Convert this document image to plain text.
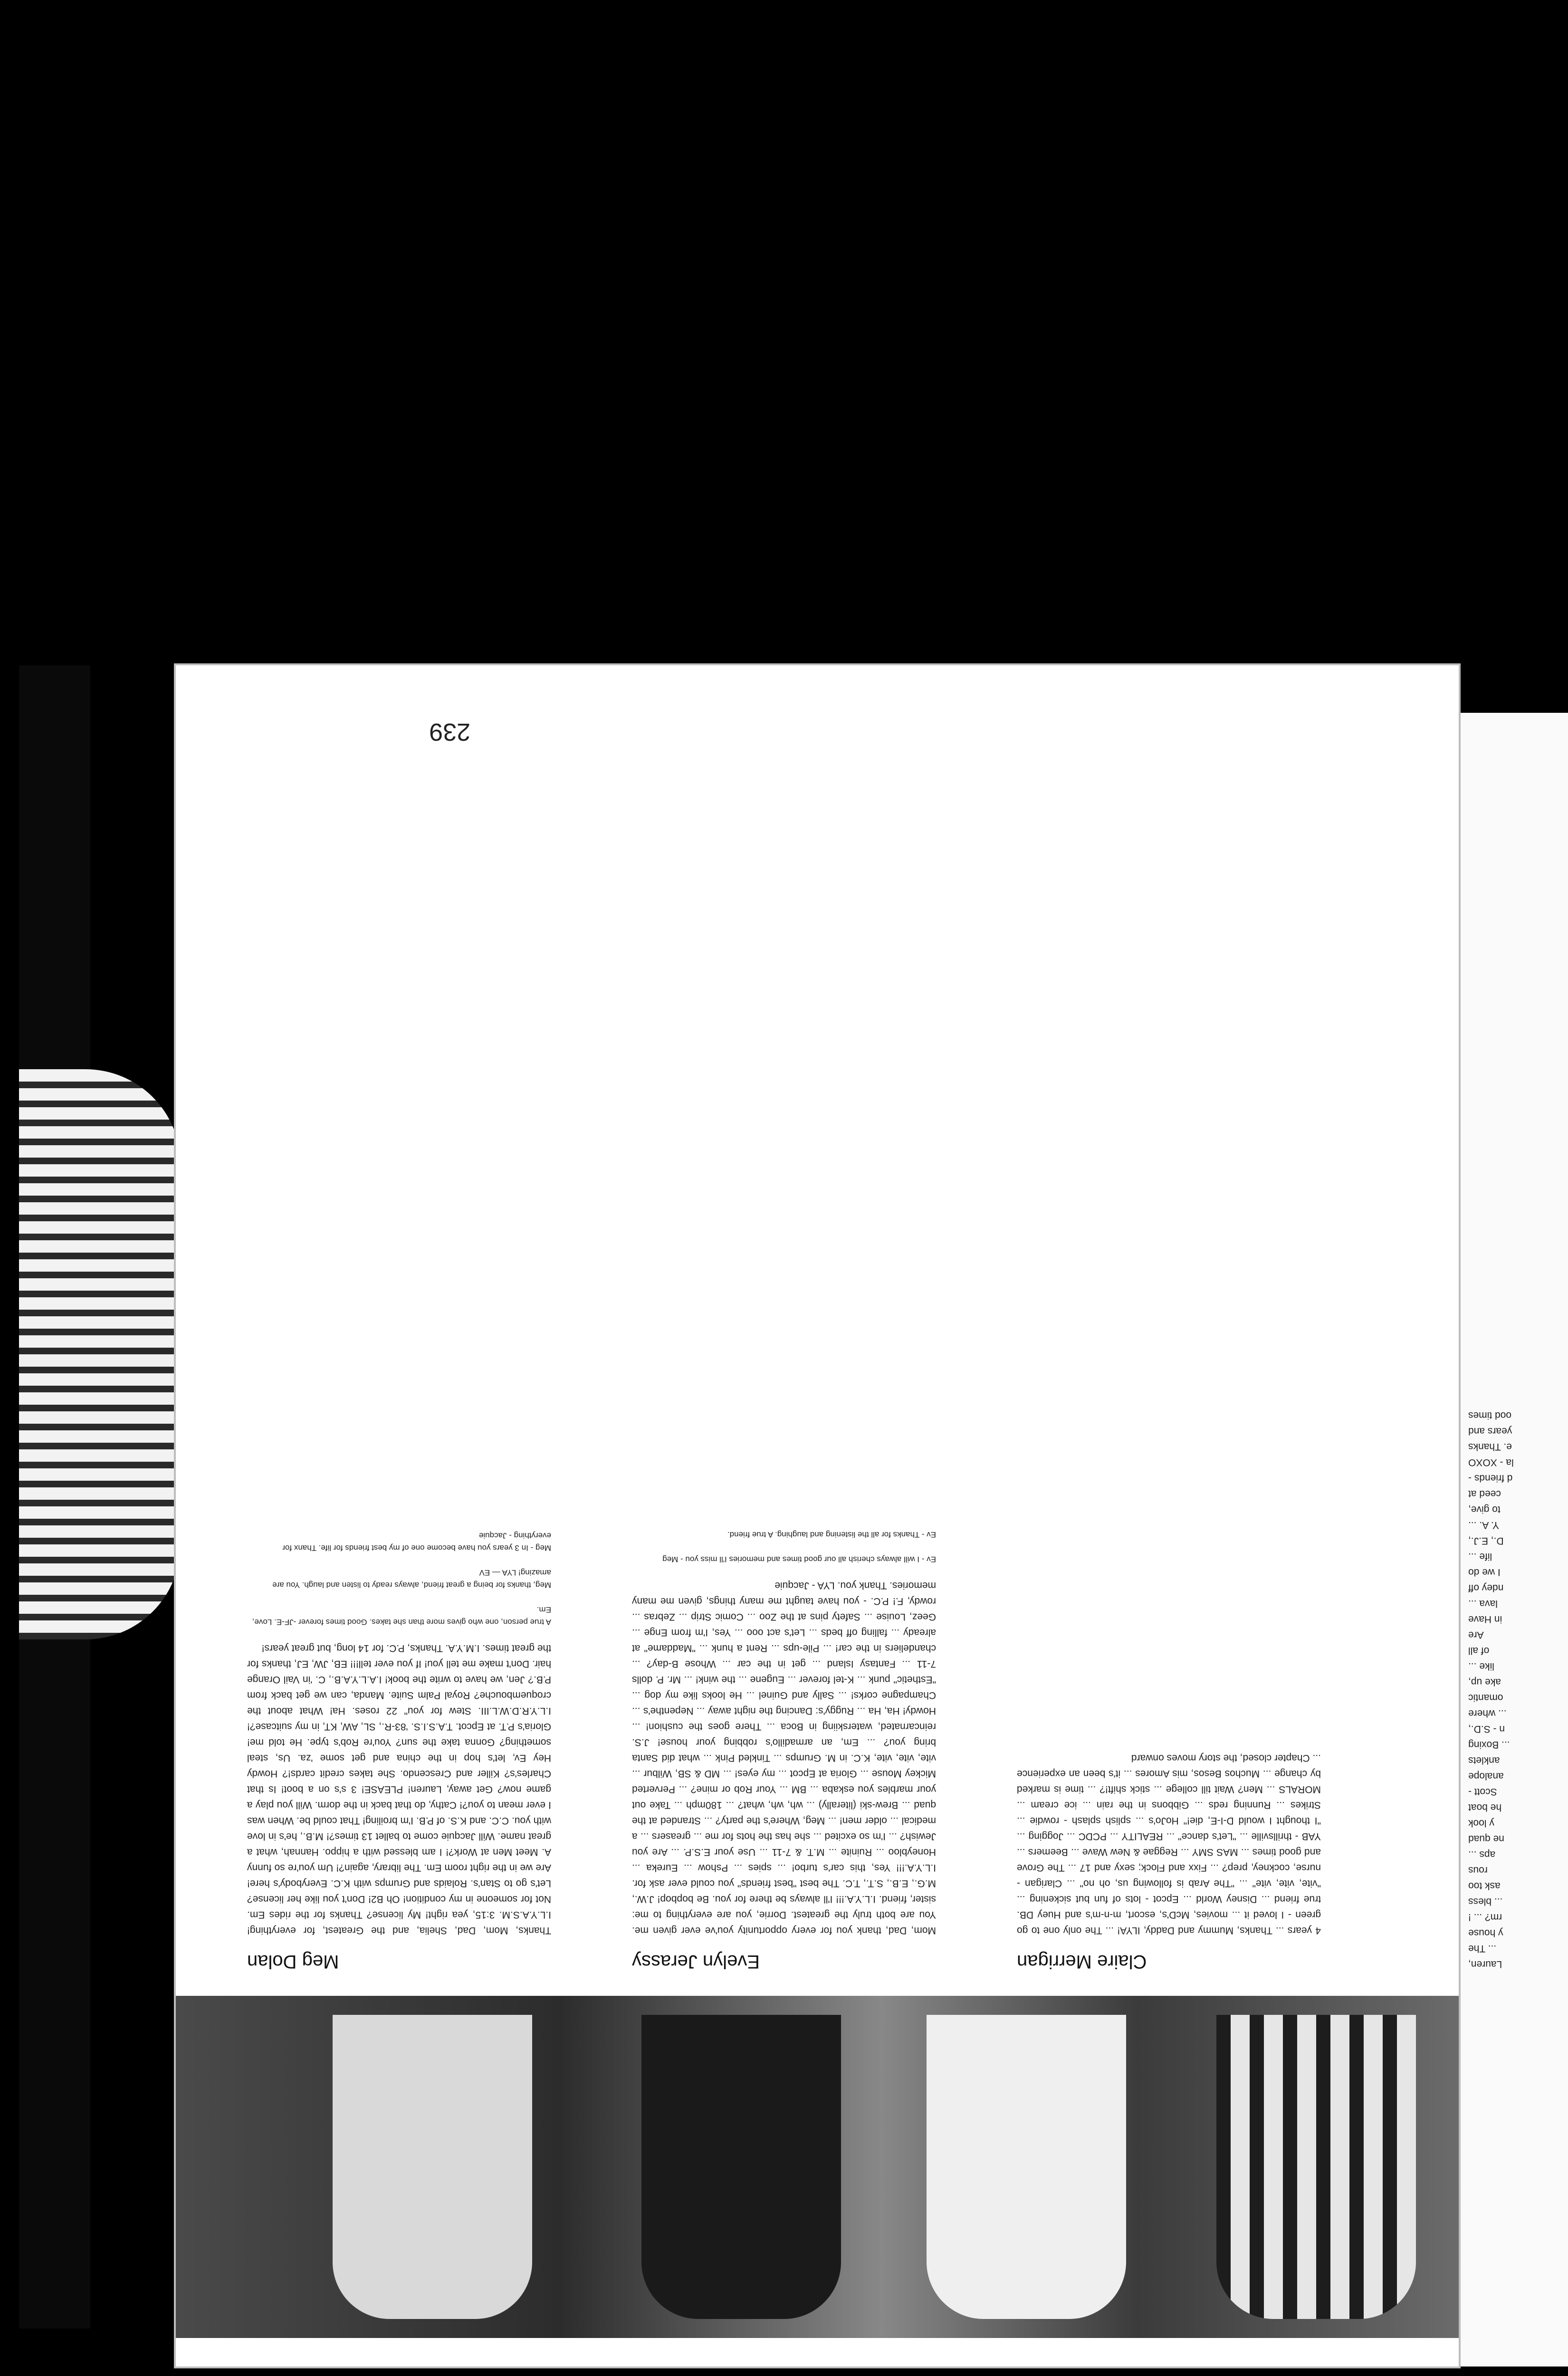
Lauren,
... The
y house
rm? ... !
... bless
ask too
rous
aps ...
ne quad
y look
he boat
Scott -
analope
anklets
... Boxing
n - S.D.,
... where
omantic
ake up,
like ...
of all
Are
in Have
lava ...
ndey off
I we do
life ...
D., E.J.,
Y. A. ...
to give,
ceed at
d friends -
la - XOXO
e. Thanks
years and
ood times
Meg Dolan
Thanks, Mom, Dad, Shelia, and the Greatest, for everything! I.L.Y.A.S.M. 3:15, yea right! My license? Thanks for the rides Em. Not for someone in my condition! Oh B2! Don't you like her license? Let's go to Stan's. Rolaids and Grumps with K.C. Everybody's here! Are we in the right room Em. The library, again?! Um you're so funny A. Meet Men at Work?! I am blessed with a hippo. Hannah, what a great name. Will Jacquie come to ballet 13 times?! M.B., he's in love with you. C.C. and K.S. of P.B. I'm broiling! That could be. When was I ever mean to you?! Cathy, do that back in the dorm. Will you play a game now? Get away, Lauren! PLEASE! 3 s's on a boot! Is that Charles's? Killer and Crescendo. She takes credit cards!? Howdy Hey Ev, let's hop in the china and get some 'za. Us, steal something? Gonna take the sun? You're Rob's type. He told me! Gloria's P.T. at Epcot. T.A.S.I.S. '83-R., SL, AW, KT, in my suitcase?! I.L.Y.R.D.W.L.III. Stew for you" 22 roses. Ha! What about the croquembouche? Royal Palm Suite. Manda, can we get back from P.B.? Jen, we have to write the book! I.A.L.Y.A.B., C. 'in Vail Orange hair. Don't make me tell you! If you ever tell!!! EB, JW, EJ, thanks for the great times. I.M.Y.A. Thanks, P.C. for 14 long, but great years!
A true person, one who gives more than she takes. Good times forever -JF-E. Love, Em.
Meg, thanks for being a great friend, always ready to listen and laugh. You are amazing! LYA — EV
Meg - In 3 years you have become one of my best friends for life. Thanx for everything - Jacquie
Evelyn Jerassy
Mom, Dad, thank you for every opportunity you've ever given me. You are both truly the greatest. Dorrie, you are everything to me: sister, friend. I.L.Y.A.!!! I'll always be there for you. Be bopbop! J.W., M.G., E.B., S.T., T.C. The best "best friends" you could ever ask for. I.L.Y.A.!!! Yes, this car's turbo! ... spies ... Pshow ... Eureka ... Honeybloo ... Ruinite ... M.T. & 7-11 ... Use your E.S.P. ... Are you Jewish? ... I'm so excited ... she has the hots for me ... greasers ... a medical ... older men! ... Meg, Where's the party? ... Stranded at the quad ... Brew-ski (literally) ... wh, wh, what? ... 180mph ... Take out your marbles you eskaba ... BM ... Your Rob or mine? ... Perverted Mickey Mouse ... Gloria at Epcot ... my eyes! ... MD & SB, Wilbur ... vite, vite, vite, K.C. in M. Grumps ... Tinkled Pink ... what did Santa bring you? ... Em, an armadillo's robbing your house! J.S. reincarnated, waterskiing in Boca ... There goes the cushion! ... Howdy! Ha, Ha ... Ruggy's: Dancing the night away ... Nepenthe's ... Champagne corks! ... Sally and Guinel ... He looks like my dog ... "Esthetic" punk ... K-tel forever ... Eugene ... the wink! ... Mr. P. dolls 7-11 ... Fantasy Island ... get in the car ... Whose B-day? ... chandeliers in the car! ... Pile-ups ... Rent a hunk ... "Maddame" at already ... falling off beds ... Let's act ooo ... Yes, I'm from Enge ... Geez, Louise ... Safety pins at the Zoo ... Comic Strip ... Zebras ... rowdy, F.! P.C. - you have taught me many things, given me many memories. Thank you. LYA - Jacquie
Ev - I will always cherish all our good times and memories I'll miss you - Meg
Ev - Thanks for all the listening and laughing. A true friend.
Claire Merrigan
4 years ... Thanks, Mummy and Daddy, ILYA! ... The only one to go green - I loved it ... movies, McD's, escort, m-n-m's and Huey DB. true friend ... Disney World ... Epcot - lots of fun but sickening ... "vite, vite, vite" ... "The Arab is following us, oh no" ... Clarigan - nurse, cockney, prep? ... Fixx and Flock; sexy and 17 ... The Grove and good times ... MAS SMY ... Reggae & New Wave ... Beemers ... YAB - thrillsville ... "Let's dance" ... REALITY ... PCDC ... Jogging ... "I thought I would D-I-E, die!" HoJo's ... splish splash - rowdie ... Strikes ... Running reds ... Gibbons in the rain ... ice cream ... MORALS ... Men? Wait till college ... stick shift!? ... time is marked by change ... Muchos Besos, mis Amores ... it's been an experience ... Chapter closed, the story moves onward
239
